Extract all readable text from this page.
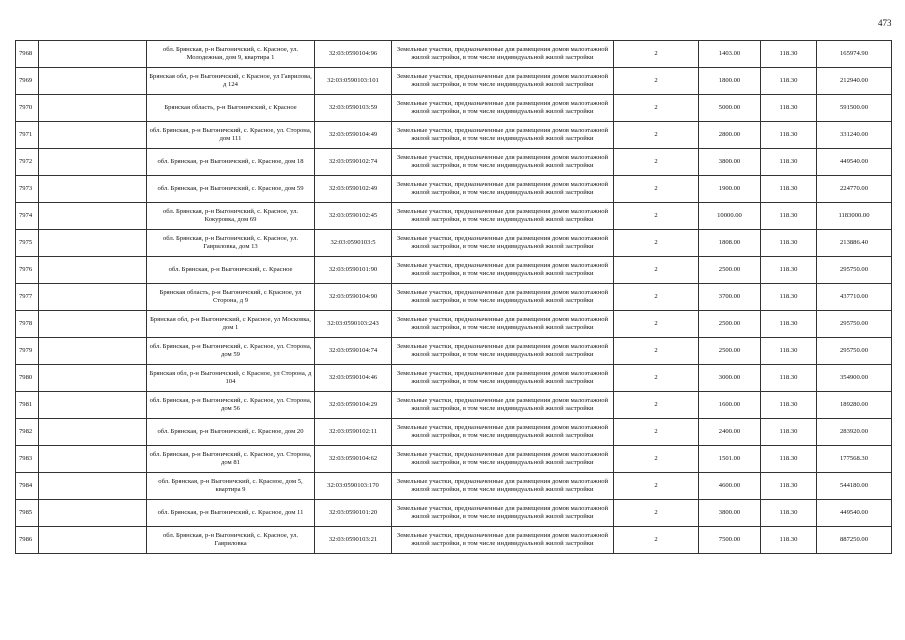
473
7968		обл. Брянская, р-н Выгоничский, с. Красное, ул. Молодежная, дом 9, квартира 1	32:03:0590104:96	Земельные участки, предназначенные для размещения домов малоэтажной жилой застройки, в том числе индивидуальной жилой застройки	2	1403.00	118.30	165974.90
7969		Брянская обл, р-н Выгоничский, с Красное, ул Гаврилова, д 124	32:03:0590103:101	Земельные участки, предназначенные для размещения домов малоэтажной жилой застройки, в том числе индивидуальной жилой застройки	2	1800.00	118.30	212940.00
7970		Брянская область, р-н Выгоничский, с Красное	32:03:0590103:59	Земельные участки, предназначенные для размещения домов малоэтажной жилой застройки, в том числе индивидуальной жилой застройки	2	5000.00	118.30	591500.00
7971		обл. Брянская, р-н Выгоничский, с. Красное, ул. Сторона, дом 111	32:03:0590104:49	Земельные участки, предназначенные для размещения домов малоэтажной жилой застройки, в том числе индивидуальной жилой застройки	2	2800.00	118.30	331240.00
7972		обл. Брянская, р-н Выгоничский, с. Красное, дом 18	32:03:0590102:74	Земельные участки, предназначенные для размещения домов малоэтажной жилой застройки, в том числе индивидуальной жилой застройки	2	3800.00	118.30	449540.00
7973		обл. Брянская, р-н Выгоничский, с. Красное, дом 59	32:03:0590102:49	Земельные участки, предназначенные для размещения домов малоэтажной жилой застройки, в том числе индивидуальной жилой застройки	2	1900.00	118.30	224770.00
7974		обл. Брянская, р-н Выгоничский, с. Красное, ул. Кокуровка, дом 69	32:03:0590102:45	Земельные участки, предназначенные для размещения домов малоэтажной жилой застройки, в том числе индивидуальной жилой застройки	2	10000.00	118.30	1183000.00
7975		обл. Брянская, р-н Выгоничский, с. Красное, ул. Гавриловка, дом 13	32:03:0590103:5	Земельные участки, предназначенные для размещения домов малоэтажной жилой застройки, в том числе индивидуальной жилой застройки	2	1808.00	118.30	213886.40
7976		обл. Брянская, р-н Выгоничский, с. Красное	32:03:0590101:90	Земельные участки, предназначенные для размещения домов малоэтажной жилой застройки, в том числе индивидуальной жилой застройки	2	2500.00	118.30	295750.00
7977		Брянская область, р-н Выгоничский, с Красное, ул Сторона, д 9	32:03:0590104:90	Земельные участки, предназначенные для размещения домов малоэтажной жилой застройки, в том числе индивидуальной жилой застройки	2	3700.00	118.30	437710.00
7978		Брянская обл, р-н Выгоничский, с Красное, ул Московка, дом 1	32:03:0590103:243	Земельные участки, предназначенные для размещения домов малоэтажной жилой застройки, в том числе индивидуальной жилой застройки	2	2500.00	118.30	295750.00
7979		обл. Брянская, р-н Выгоничский, с. Красное, ул. Сторона, дом 59	32:03:0590104:74	Земельные участки, предназначенные для размещения домов малоэтажной жилой застройки, в том числе индивидуальной жилой застройки	2	2500.00	118.30	295750.00
7980		Брянская обл, р-н Выгоничский, с Красное, ул Сторона, д 104	32:03:0590104:46	Земельные участки, предназначенные для размещения домов малоэтажной жилой застройки, в том числе индивидуальной жилой застройки	2	3000.00	118.30	354900.00
7981		обл. Брянская, р-н Выгоничский, с. Красное, ул. Сторона, дом 56	32:03:0590104:29	Земельные участки, предназначенные для размещения домов малоэтажной жилой застройки, в том числе индивидуальной жилой застройки	2	1600.00	118.30	189280.00
7982		обл. Брянская, р-н Выгоничский, с. Красное, дом 20	32:03:0590102:11	Земельные участки, предназначенные для размещения домов малоэтажной жилой застройки, в том числе индивидуальной жилой застройки	2	2400.00	118.30	283920.00
7983		обл. Брянская, р-н Выгоничский, с. Красное, ул. Сторона, дом 81	32:03:0590104:62	Земельные участки, предназначенные для размещения домов малоэтажной жилой застройки, в том числе индивидуальной жилой застройки	2	1501.00	118.30	177568.30
7984		обл. Брянская, р-н Выгоничский, с. Красное, дом 5, квартира 9	32:03:0590103:170	Земельные участки, предназначенные для размещения домов малоэтажной жилой застройки, в том числе индивидуальной жилой застройки	2	4600.00	118.30	544180.00
7985		обл. Брянская, р-н Выгоничский, с. Красное, дом 11	32:03:0590101:20	Земельные участки, предназначенные для размещения домов малоэтажной жилой застройки, в том числе индивидуальной жилой застройки	2	3800.00	118.30	449540.00
7986		обл. Брянская, р-н Выгоничский, с. Красное, ул. Гавриловка	32:03:0590103:21	Земельные участки, предназначенные для размещения домов малоэтажной жилой застройки, в том числе индивидуальной жилой застройки	2	7500.00	118.30	887250.00
